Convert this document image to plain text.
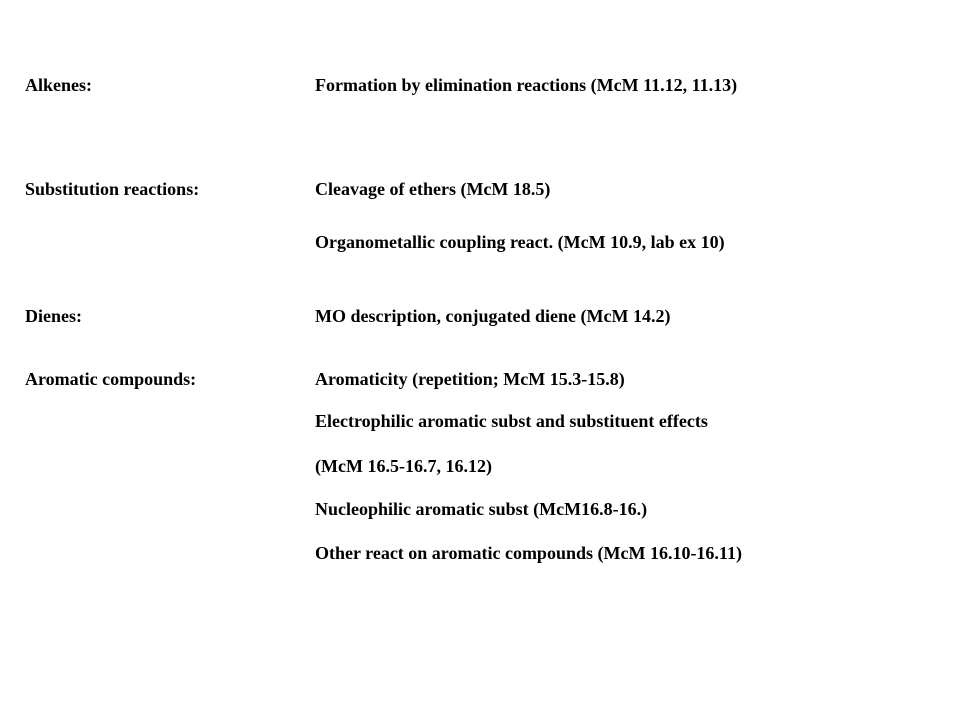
Alkenes:	Formation by elimination reactions (McM 11.12, 11.13)

Substitution reactions:	Cleavage of ethers (McM 18.5)

Organometallic coupling react. (McM 10.9, lab ex 10)

Dienes:	MO description, conjugated diene (McM 14.2)

Aromatic compounds:	Aromaticity (repetition; McM 15.3-15.8)

Electrophilic aromatic subst and substituent effects

(McM 16.5-16.7, 16.12)

Nucleophilic aromatic subst (McM16.8-16.)

Other react on aromatic compounds (McM 16.10-16.11)
